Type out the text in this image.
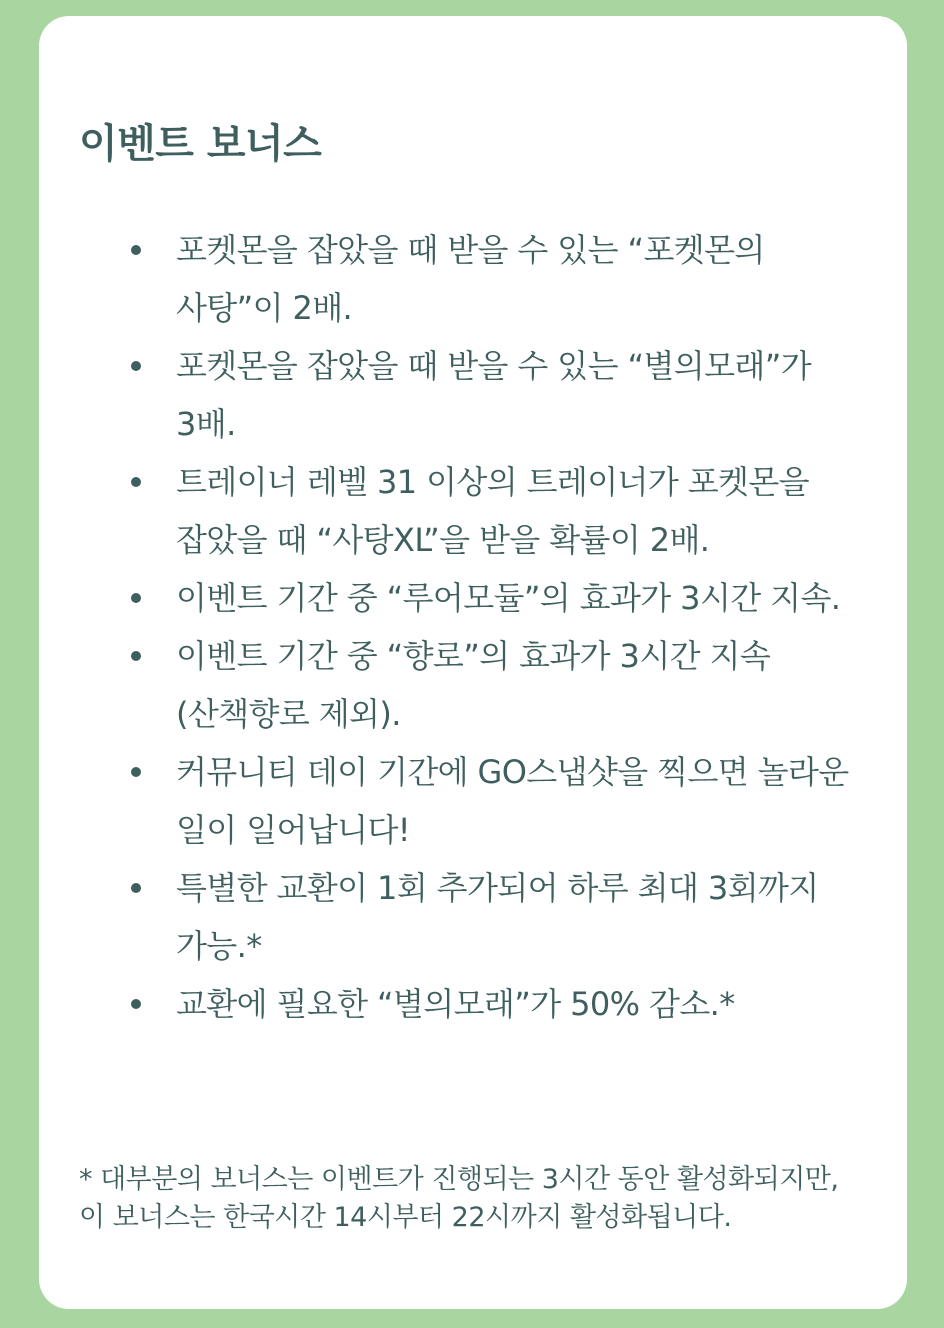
이벤트 보너스
포켓몬을 잡았을 때 받을 수 있는 “포켓몬의 사탕”이 2배.
포켓몬을 잡았을 때 받을 수 있는 “별의모래”가 3배.
트레이너 레벨 31 이상의 트레이너가 포켓몬을 잡았을 때 “사탕XL”을 받을 확률이 2배.
이벤트 기간 중 “루어모듈”의 효과가 3시간 지속.
이벤트 기간 중 “향로”의 효과가 3시간 지속(산책향로 제외).
커뮤니티 데이 기간에 GO스냅샷을 찍으면 놀라운 일이 일어납니다!
특별한 교환이 1회 추가되어 하루 최대 3회까지 가능.*
교환에 필요한 “별의모래”가 50% 감소.*

* 대부분의 보너스는 이벤트가 진행되는 3시간 동안 활성화되지만, 이 보너스는 한국시간 14시부터 22시까지 활성화됩니다.
